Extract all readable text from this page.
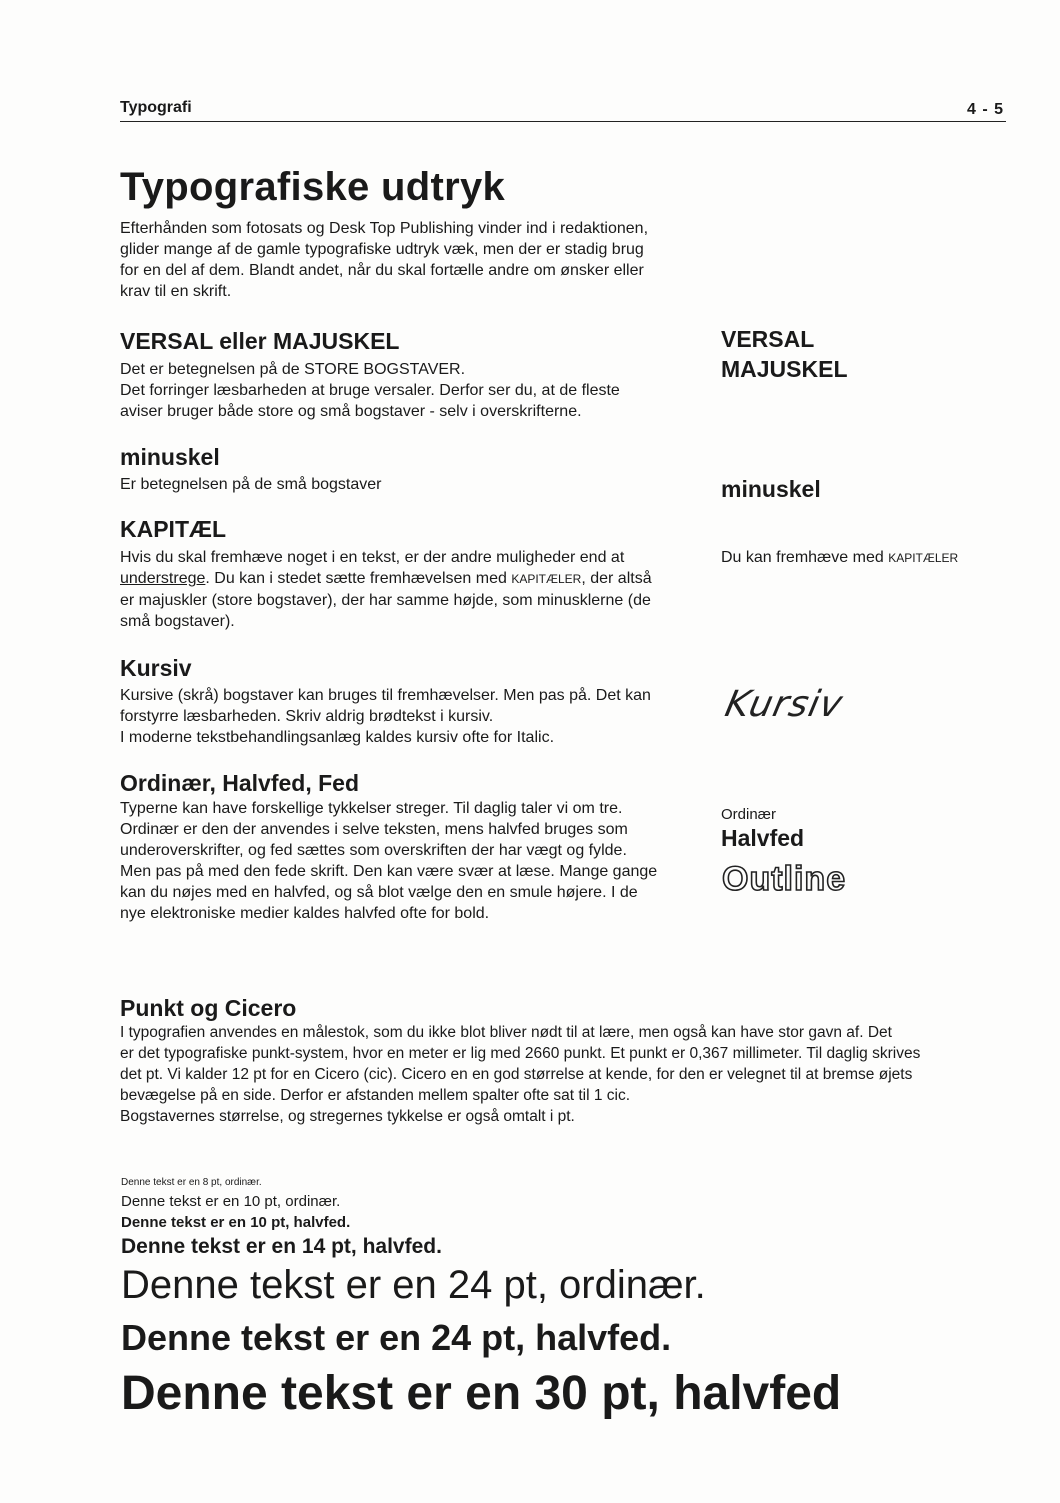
Typografi	4 - 5
Typografiske udtryk
Efterhånden som fotosats og Desk Top Publishing vinder ind i redaktionen,
glider mange af de gamle typografiske udtryk væk, men der er stadig brug
for en del af dem. Blandt andet, når du skal fortælle andre om ønsker eller
krav til en skrift.
VERSAL eller MAJUSKEL
Det er betegnelsen på de STORE BOGSTAVER.
Det forringer læsbarheden at bruge versaler. Derfor ser du, at de fleste
aviser bruger både store og små bogstaver - selv i overskrifterne.
VERSAL
MAJUSKEL
minuskel
Er betegnelsen på de små bogstaver	minuskel
KAPITÆL
Hvis du skal fremhæve noget i en tekst, er der andre muligheder end at
understrege. Du kan i stedet sætte fremhævelsen med KAPITÆLER, der altså
er majuskler (store bogstaver), der har samme højde, som minusklerne (de
små bogstaver).
Du kan fremhæve med KAPITÆLER
Kursiv
Kursive (skrå) bogstaver kan bruges til fremhævelser. Men pas på. Det kan
forstyrre læsbarheden. Skriv aldrig brødtekst i kursiv.
I moderne tekstbehandlingsanlæg kaldes kursiv ofte for Italic.
Kursiv
Ordinær, Halvfed, Fed
Typerne kan have forskellige tykkelser streger. Til daglig taler vi om tre.
Ordinær er den der anvendes i selve teksten, mens halvfed bruges som
underoverskrifter, og fed sættes som overskriften der har vægt og fylde.
Men pas på med den fede skrift. Den kan være svær at læse. Mange gange
kan du nøjes med en halvfed, og så blot vælge den en smule højere. I de
nye elektroniske medier kaldes halvfed ofte for bold.
Ordinær
Halvfed
Outline
Punkt og Cicero
I typografien anvendes en målestok, som du ikke blot bliver nødt til at lære, men også kan have stor gavn af. Det
er det typografiske punkt-system, hvor en meter er lig med 2660 punkt. Et punkt er 0,367 millimeter. Til daglig skrives
det pt. Vi kalder 12 pt for en Cicero (cic). Cicero en en god størrelse at kende, for den er velegnet til at bremse øjets
bevægelse på en side. Derfor er afstanden mellem spalter ofte sat til 1 cic.
Bogstavernes størrelse, og stregernes tykkelse er også omtalt i pt.
Denne tekst er en 8 pt, ordinær.
Denne tekst er en 10 pt, ordinær.
Denne tekst er en 10 pt, halvfed.
Denne tekst er en 14 pt, halvfed.
Denne tekst er en 24 pt, ordinær.
Denne tekst er en 24 pt, halvfed.
Denne tekst er en 30 pt, halvfed
